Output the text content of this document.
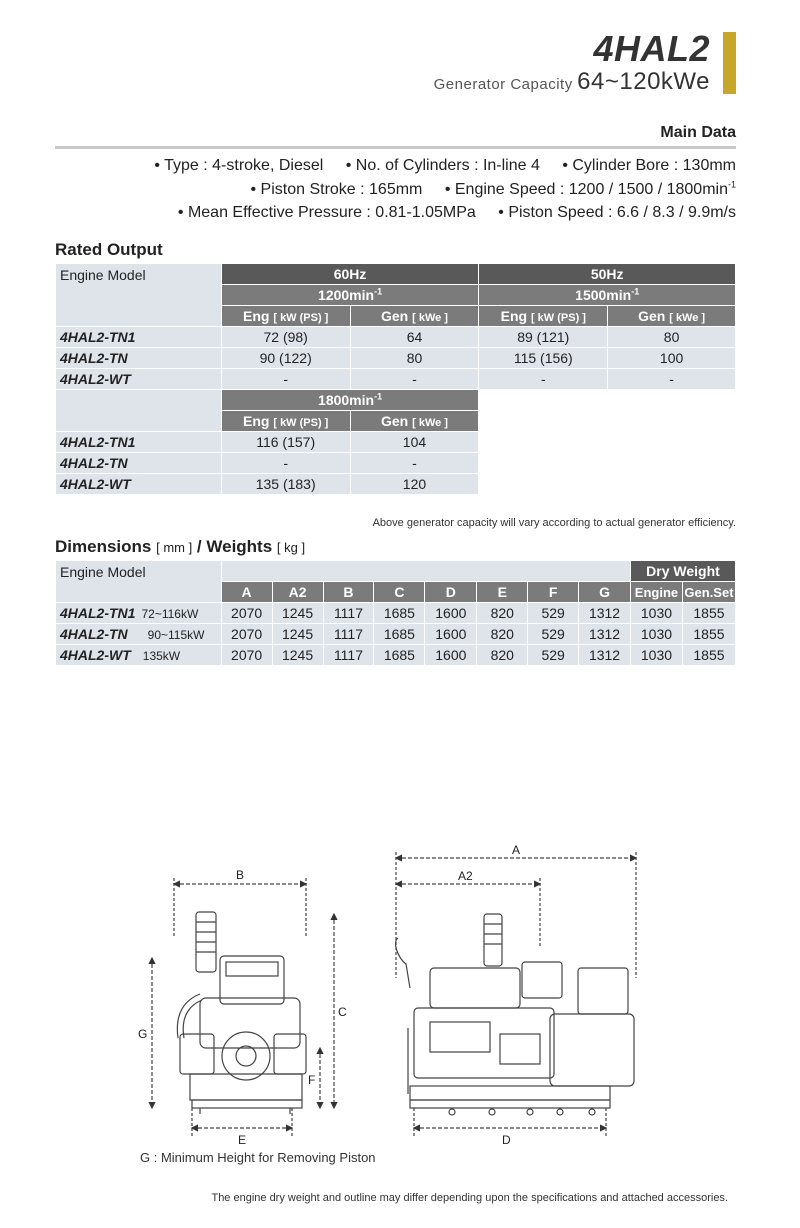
4HAL2
Generator Capacity 64~120kWe
Main Data
• Type : 4-stroke, Diesel • No. of Cylinders : In-line 4 • Cylinder Bore : 130mm
• Piston Stroke : 165mm • Engine Speed : $1200 / 1500 / 1800\min^{-1}$
• Mean Effective Pressure : 0.81-1.05MPa • Piston Speed : 6.6 / 8.3 / 9.9m/s
Rated Output
Engine Model	60Hz		50Hz	
	$1200\min^{-1}$		$1500\min^{-1}$
	Eng [ kW (PS) ]	Gen [ kWe ]	Eng [ kW (PS) ]	Gen [ kWe ]
4HAL2-TN1	72 (98)	64	89 (121)	80
4HAL2-TN	90 (122)	80	115 (156)	100
4HAL2-WT	-	-	-	-
	$1800\min^{-1}$	
	Eng [ kW (PS) ]	Gen [ kWe ]		
4HAL2-TN1	116 (157)	104		
4HAL2-TN	-	-		
4HAL2-WT	135 (183)	120		
Above generator capacity will vary according to actual generator efficiency.
Dimensions [ mm ] / Weights [ kg ]
Engine Model									Dry Weight	
	A	A2	B	C	D	E	F	G	Engine	Gen.Set
4HAL2-TN1 72~116kW	2070	1245	1117	1685	1600	820	529	1312	1030	1855
4HAL2-TN 90~115kW	2070	1245	1117	1685	1600	820	529	1312	1030	1855
4HAL2-WT 135kW	2070	1245	1117	1685	1600	820	529	1312	1030	1855
B
G
C
F
E
A
A2
D
G : Minimum Height for Removing Piston
The engine dry weight and outline may differ depending upon the specifications and attached accessories.
